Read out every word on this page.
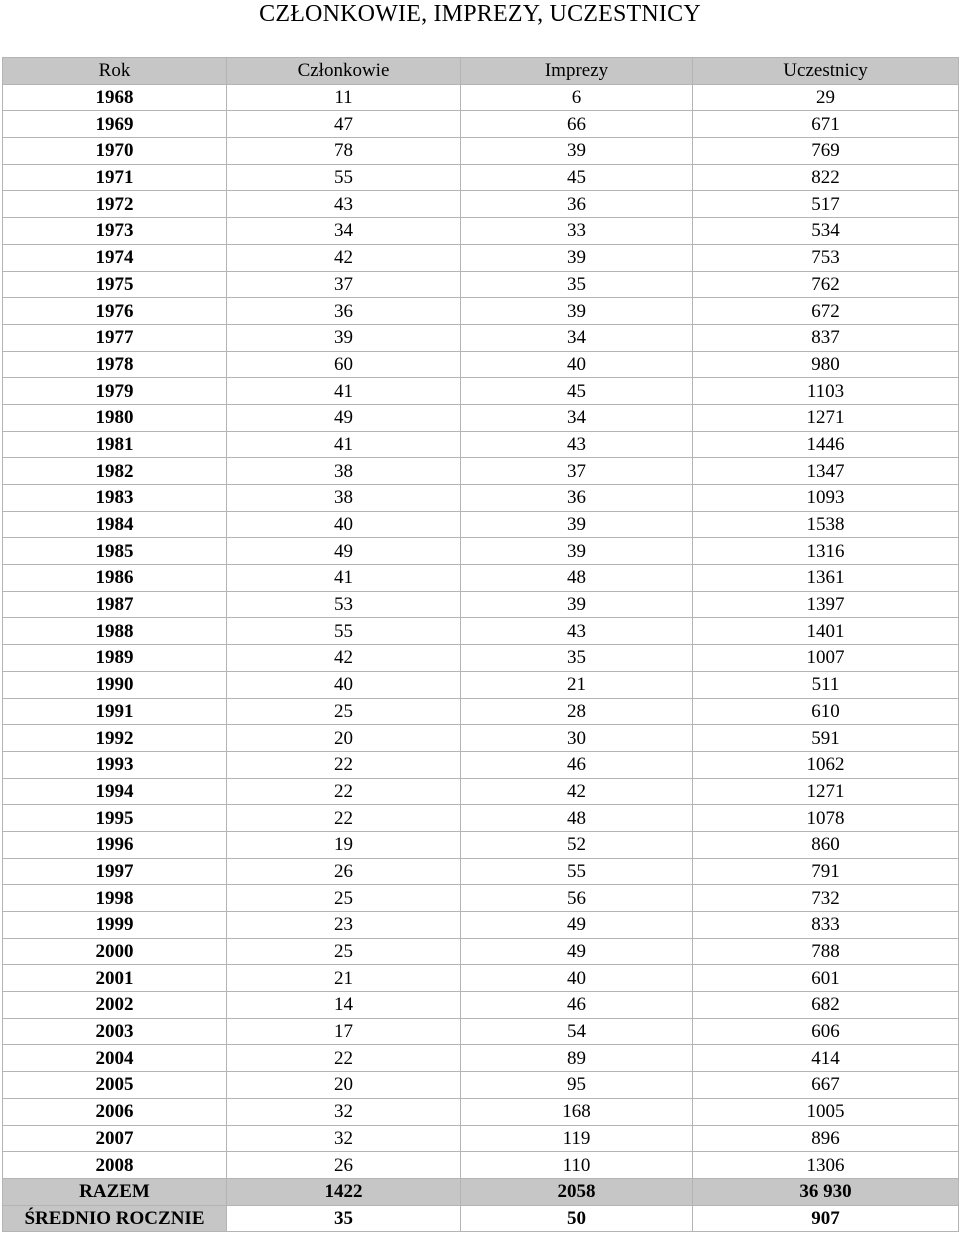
CZŁONKOWIE, IMPREZY, UCZESTNICY
Rok	Członkowie	Imprezy	Uczestnicy
1968	11	6	29
1969	47	66	671
1970	78	39	769
1971	55	45	822
1972	43	36	517
1973	34	33	534
1974	42	39	753
1975	37	35	762
1976	36	39	672
1977	39	34	837
1978	60	40	980
1979	41	45	1103
1980	49	34	1271
1981	41	43	1446
1982	38	37	1347
1983	38	36	1093
1984	40	39	1538
1985	49	39	1316
1986	41	48	1361
1987	53	39	1397
1988	55	43	1401
1989	42	35	1007
1990	40	21	511
1991	25	28	610
1992	20	30	591
1993	22	46	1062
1994	22	42	1271
1995	22	48	1078
1996	19	52	860
1997	26	55	791
1998	25	56	732
1999	23	49	833
2000	25	49	788
2001	21	40	601
2002	14	46	682
2003	17	54	606
2004	22	89	414
2005	20	95	667
2006	32	168	1005
2007	32	119	896
2008	26	110	1306
RAZEM	1422	2058	36 930
ŚREDNIO ROCZNIE	35	50	907
